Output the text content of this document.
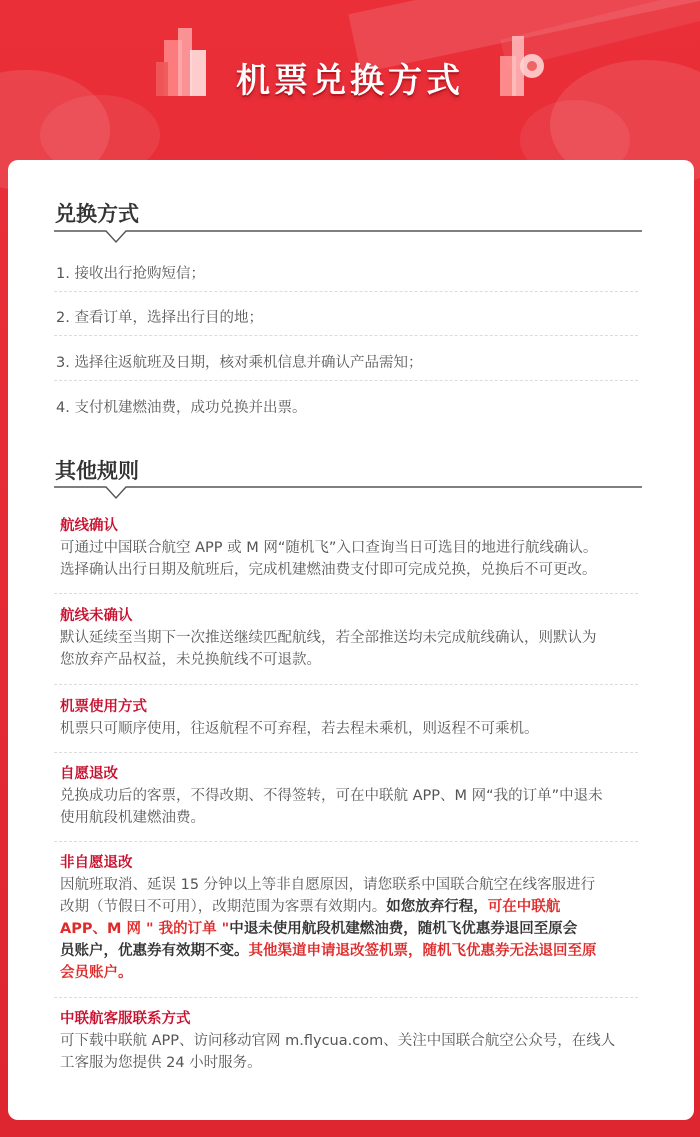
机票兑换方式
兑换方式
1. 接收出行抢购短信；
2. 查看订单，选择出行目的地；
3. 选择往返航班及日期，核对乘机信息并确认产品需知；
4. 支付机建燃油费，成功兑换并出票。
其他规则
航线确认
可通过中国联合航空 APP 或 M 网“随机飞”入口查询当日可选目的地进行航线确认。
选择确认出行日期及航班后，完成机建燃油费支付即可完成兑换，兑换后不可更改。
航线未确认
默认延续至当期下一次推送继续匹配航线，若全部推送均未完成航线确认，则默认为
您放弃产品权益，未兑换航线不可退款。
机票使用方式
机票只可顺序使用，往返航程不可弃程，若去程未乘机，则返程不可乘机。
自愿退改
兑换成功后的客票，不得改期、不得签转，可在中联航 APP、M 网“我的订单”中退未
使用航段机建燃油费。
非自愿退改
因航班取消、延误 15 分钟以上等非自愿原因，请您联系中国联合航空在线客服进行
改期（节假日不可用），改期范围为客票有效期内。如您放弃行程，可在中联航
APP、M 网 " 我的订单 "中退未使用航段机建燃油费，随机飞优惠券退回至原会
员账户，优惠券有效期不变。其他渠道申请退改签机票，随机飞优惠券无法退回至原
会员账户。
中联航客服联系方式
可下载中联航 APP、访问移动官网 m.flycua.com、关注中国联合航空公众号，在线人
工客服为您提供 24 小时服务。
